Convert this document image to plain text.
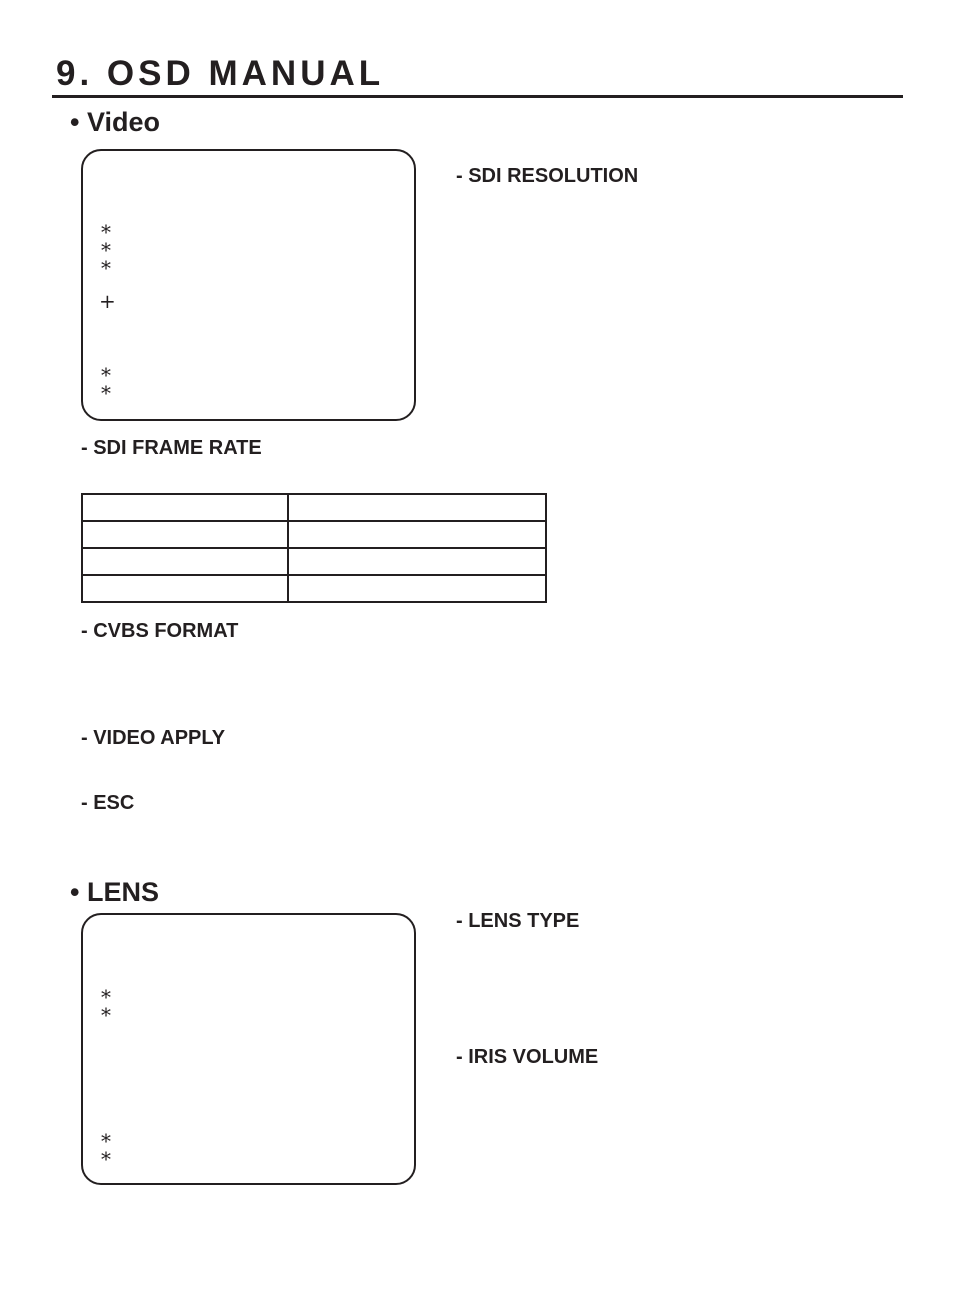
9. OSD MANUAL
• Video
*
*
*
+
*
*
- SDI RESOLUTION
- SDI FRAME RATE

- CVBS FORMAT
- VIDEO APPLY
- ESC
• LENS
*
*
*
*
- LENS TYPE
- IRIS VOLUME
